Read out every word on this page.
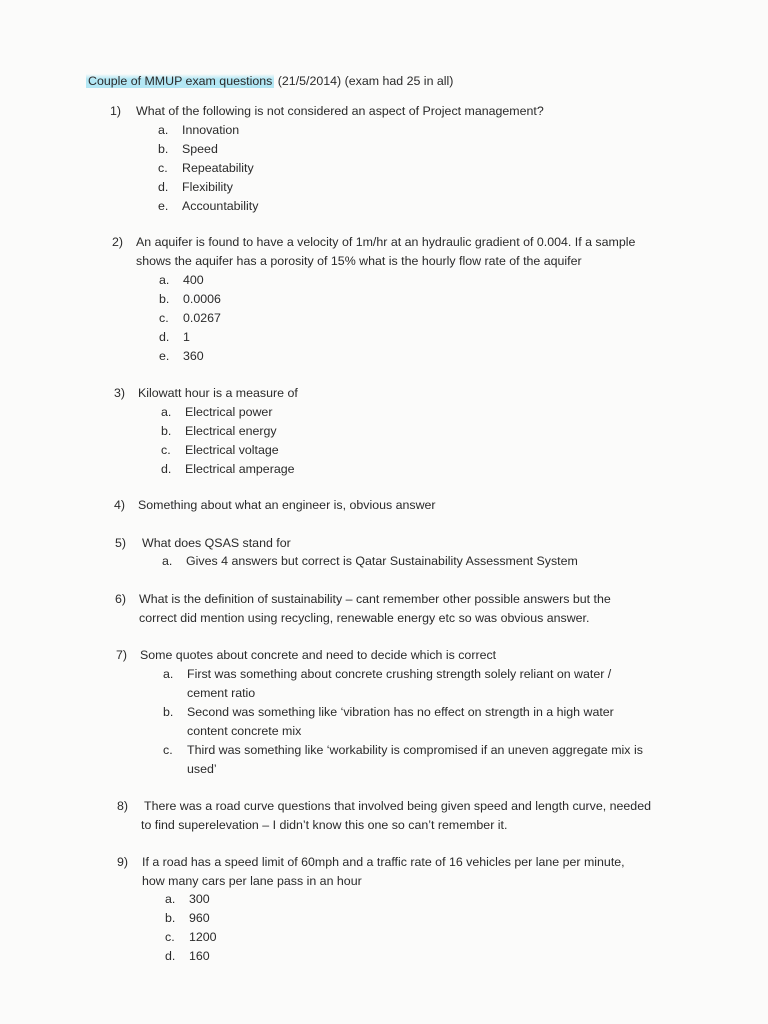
Couple of MMUP exam questions (21/5/2014) (exam had 25 in all)
1) What of the following is not considered an aspect of Project management?
a. Innovation
b. Speed
c. Repeatability
d. Flexibility
e. Accountability
2) An aquifer is found to have a velocity of 1m/hr at an hydraulic gradient of 0.004. If a sample
shows the aquifer has a porosity of 15% what is the hourly flow rate of the aquifer
a. 400
b. 0.0006
c. 0.0267
d. 1
e. 360
3) Kilowatt hour is a measure of
a. Electrical power
b. Electrical energy
c. Electrical voltage
d. Electrical amperage
4) Something about what an engineer is, obvious answer
5) What does QSAS stand for
a. Gives 4 answers but correct is Qatar Sustainability Assessment System
6) What is the definition of sustainability – cant remember other possible answers but the
correct did mention using recycling, renewable energy etc so was obvious answer.
7) Some quotes about concrete and need to decide which is correct
a. First was something about concrete crushing strength solely reliant on water /
cement ratio
b. Second was something like ‘vibration has no effect on strength in a high water
content concrete mix
c. Third was something like ‘workability is compromised if an uneven aggregate mix is
used’
8) There was a road curve questions that involved being given speed and length curve, needed
to find superelevation – I didn’t know this one so can’t remember it.
9) If a road has a speed limit of 60mph and a traffic rate of 16 vehicles per lane per minute,
how many cars per lane pass in an hour
a. 300
b. 960
c. 1200
d. 160
